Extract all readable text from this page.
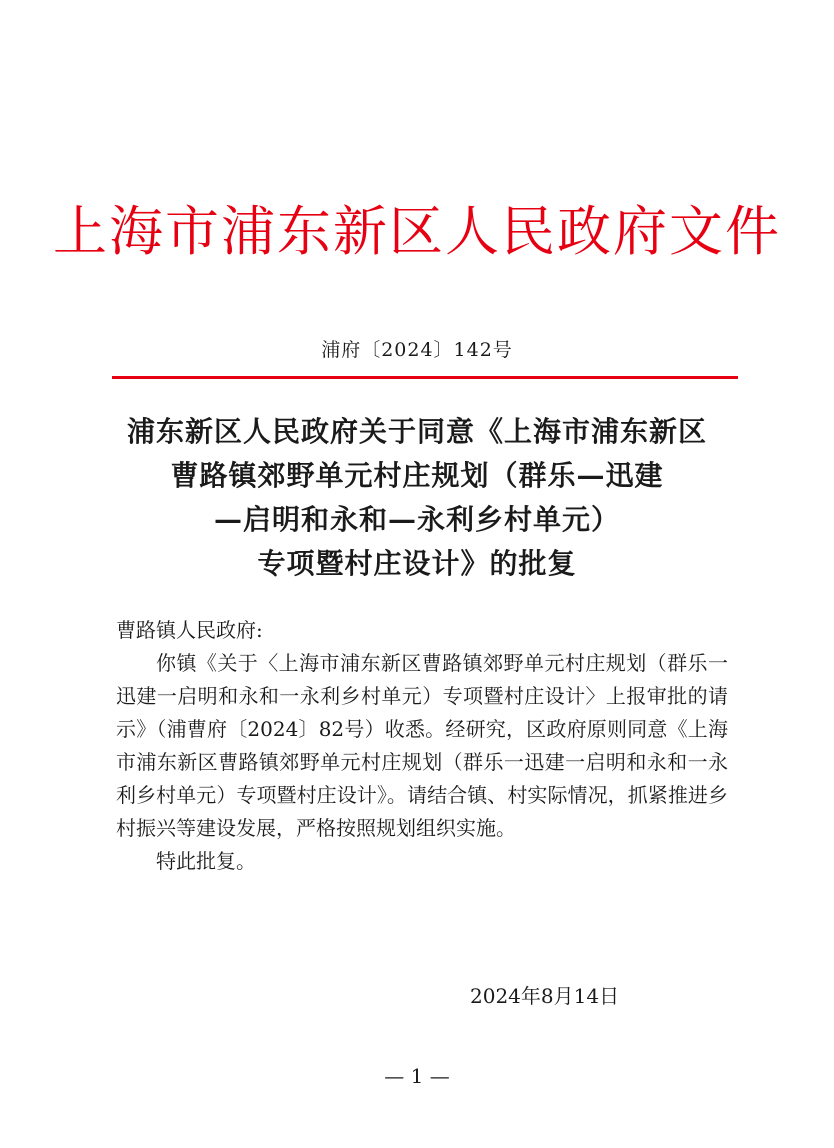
上海市浦东新区人民政府文件
浦府〔2024〕142号
浦东新区人民政府关于同意《上海市浦东新区
曹路镇郊野单元村庄规划（群乐—迅建
—启明和永和—永利乡村单元）
专项暨村庄设计》的批复

曹路镇人民政府:

你镇《关于〈上海市浦东新区曹路镇郊野单元村庄规划（群乐一迅建一启明和永和一永利乡村单元）专项暨村庄设计〉上报审批的请示》（浦曹府〔2024〕82号）收悉。经研究，区政府原则同意《上海市浦东新区曹路镇郊野单元村庄规划（群乐一迅建一启明和永和一永利乡村单元）专项暨村庄设计》。请结合镇、村实际情况，抓紧推进乡村振兴等建设发展，严格按照规划组织实施。

特此批复。

2024年8月14日
— 1 —
